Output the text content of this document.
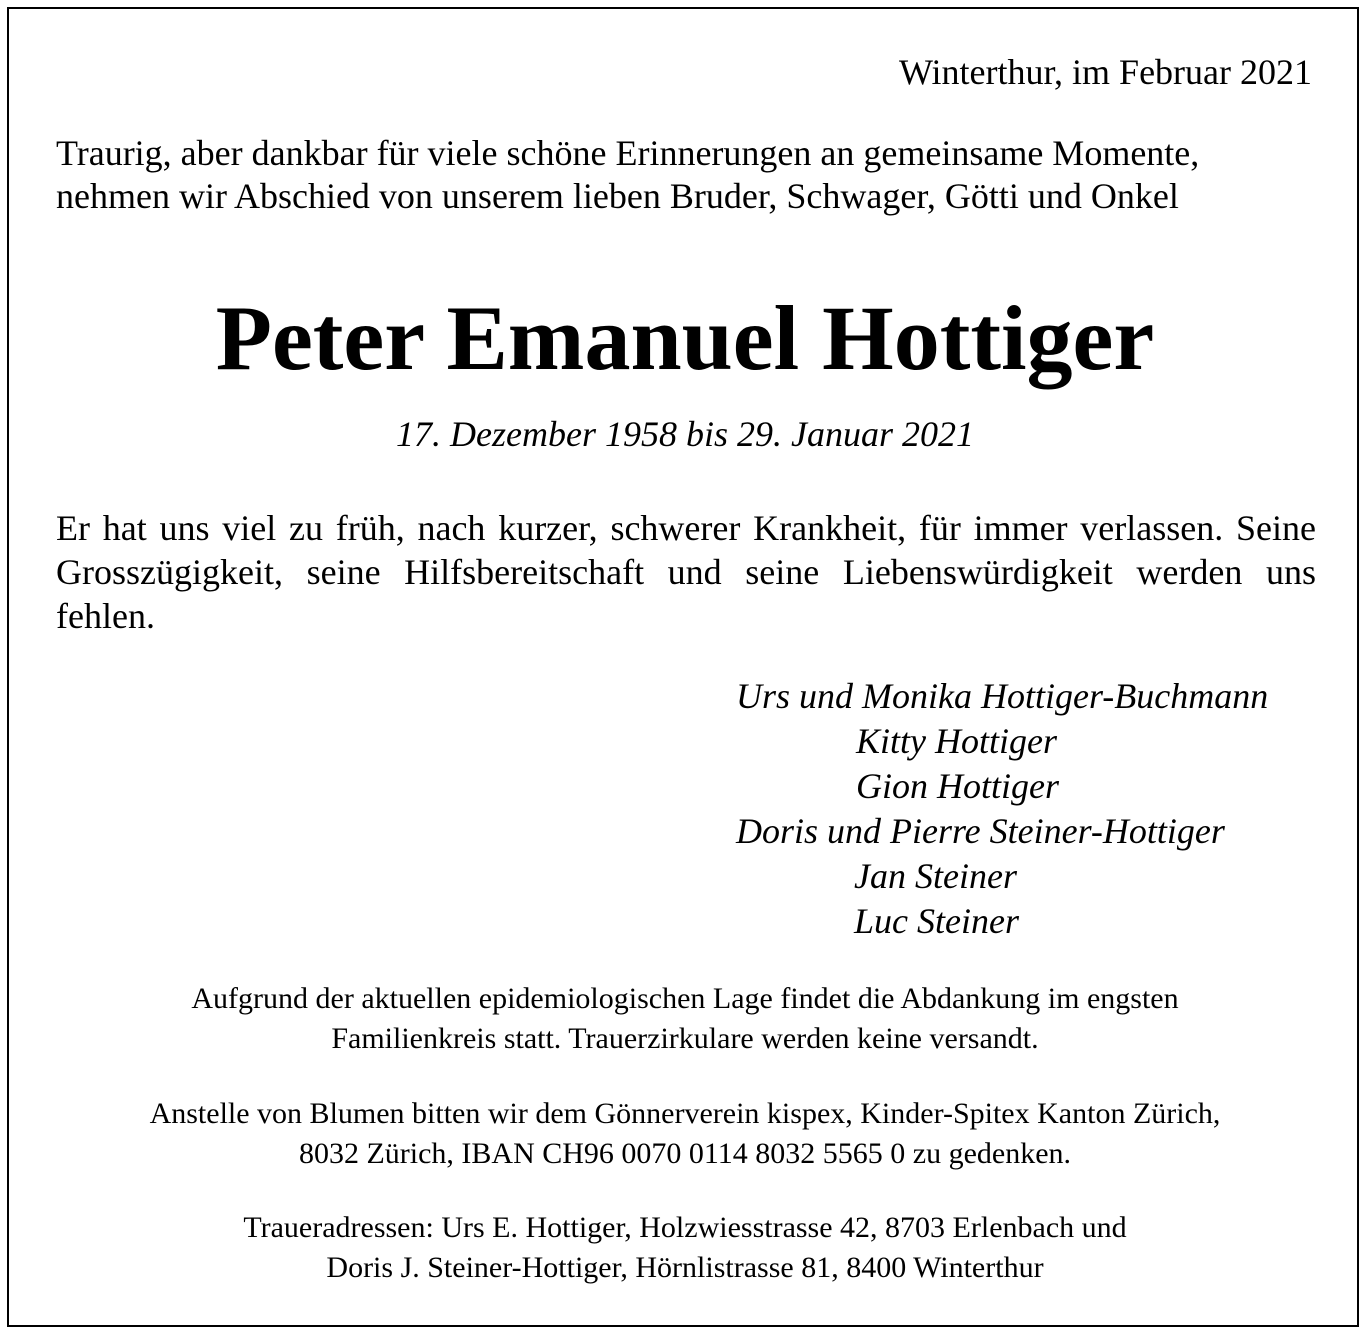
Winterthur, im Februar 2021
Traurig, aber dankbar für viele schöne Erinnerungen an gemeinsame Momente,
nehmen wir Abschied von unserem lieben Bruder, Schwager, Götti und Onkel
Peter Emanuel Hottiger
17. Dezember 1958 bis 29. Januar 2021
Er hat uns viel zu früh, nach kurzer, schwerer Krankheit, für immer verlassen. Seine Grosszügigkeit, seine Hilfsbereitschaft und seine Liebenswürdigkeit werden uns fehlen.
Urs und Monika Hottiger-Buchmann
Kitty Hottiger
Gion Hottiger
Doris und Pierre Steiner-Hottiger
Jan Steiner
Luc Steiner
Aufgrund der aktuellen epidemiologischen Lage findet die Abdankung im engsten
Familienkreis statt. Trauerzirkulare werden keine versandt.
Anstelle von Blumen bitten wir dem Gönnerverein kispex, Kinder-Spitex Kanton Zürich,
8032 Zürich, IBAN CH96 0070 0114 8032 5565 0 zu gedenken.
Traueradressen: Urs E. Hottiger, Holzwiesstrasse 42, 8703 Erlenbach und
Doris J. Steiner-Hottiger, Hörnlistrasse 81, 8400 Winterthur
